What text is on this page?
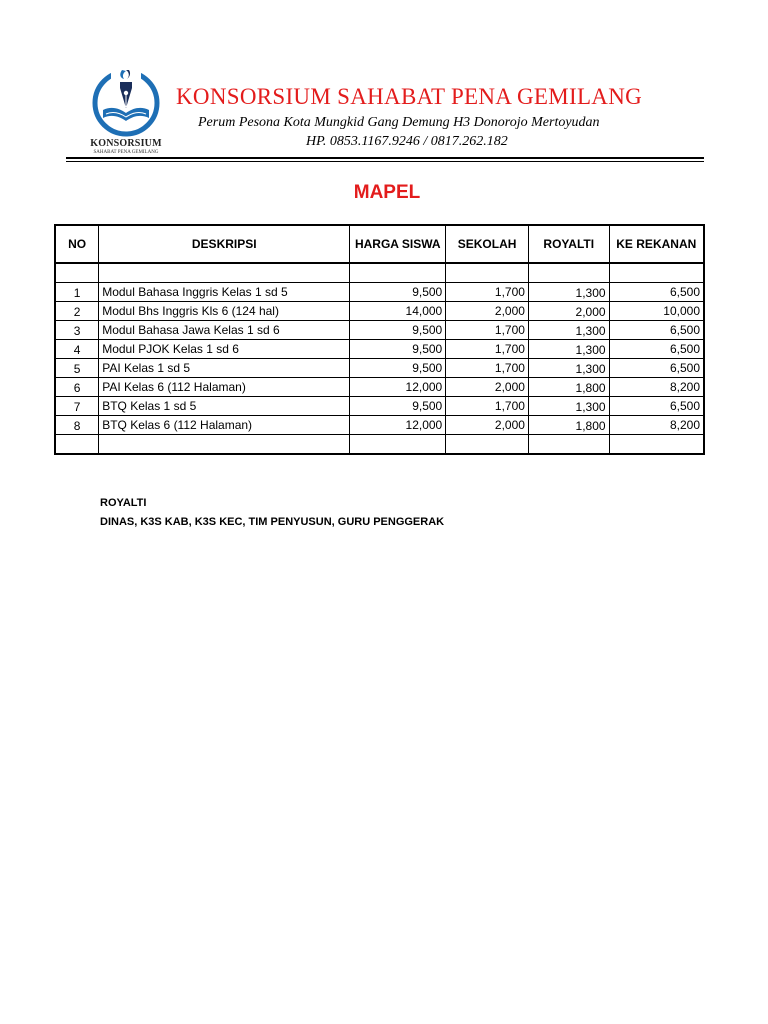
KONSORSIUM
SAHABAT PENA GEMILANG
KONSORSIUM SAHABAT PENA GEMILANG
Perum Pesona Kota Mungkid Gang Demung H3 Donorojo Mertoyudan
HP. 0853.1167.9246 / 0817.262.182
MAPEL
NO	DESKRIPSI	HARGA SISWA	SEKOLAH	ROYALTI	KE REKANAN

1	Modul Bahasa Inggris Kelas 1 sd 5	9,500	1,700	1,300	6,500
2	Modul Bhs Inggris Kls 6 (124 hal)	14,000	2,000	2,000	10,000
3	Modul Bahasa Jawa Kelas 1 sd 6	9,500	1,700	1,300	6,500
4	Modul PJOK Kelas 1 sd 6	9,500	1,700	1,300	6,500
5	PAI Kelas 1 sd 5	9,500	1,700	1,300	6,500
6	PAI Kelas 6 (112 Halaman)	12,000	2,000	1,800	8,200
7	BTQ Kelas 1 sd 5	9,500	1,700	1,300	6,500
8	BTQ Kelas 6 (112 Halaman)	12,000	2,000	1,800	8,200

ROYALTI
DINAS, K3S KAB, K3S KEC, TIM PENYUSUN, GURU PENGGERAK
